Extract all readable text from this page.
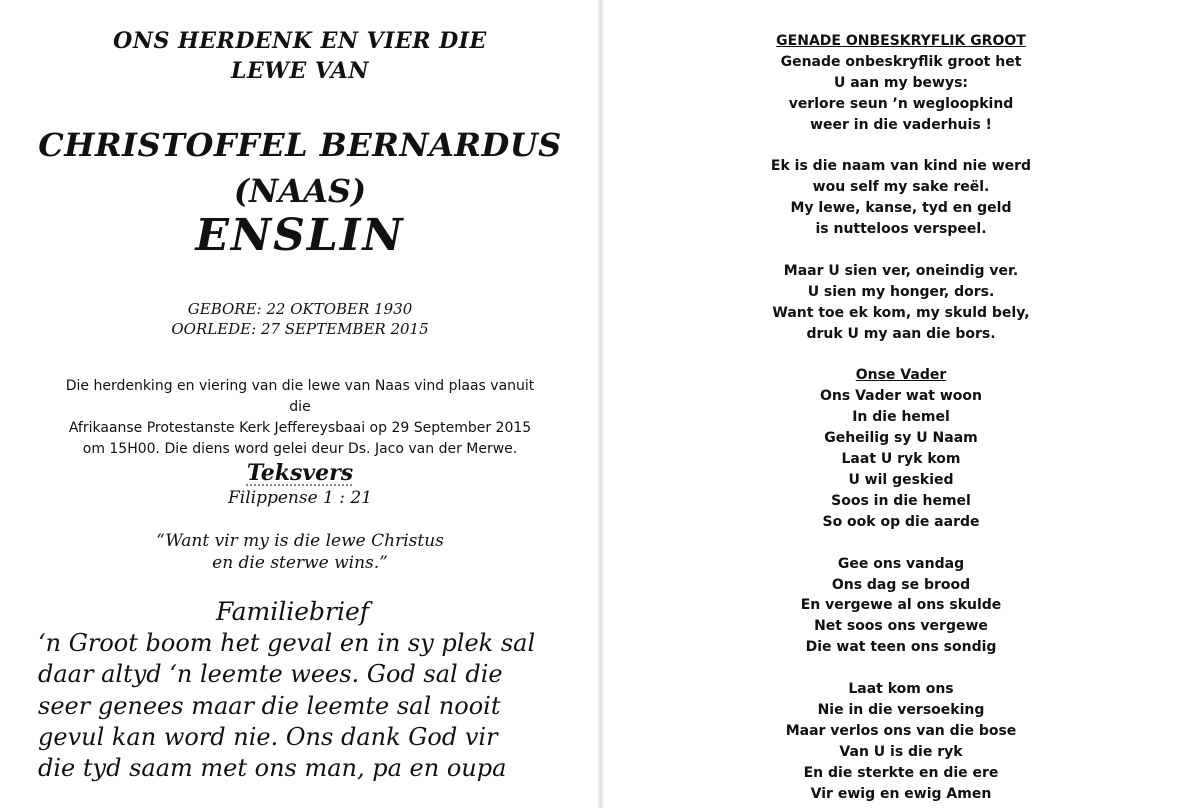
ONS HERDENK EN VIER DIE
LEWE VAN
CHRISTOFFEL BERNARDUS
(NAAS)
ENSLIN
GEBORE: 22 OKTOBER 1930
OORLEDE: 27 SEPTEMBER 2015

Die herdenking en viering van die lewe van Naas vind plaas vanuit die

Afrikaanse Protestanste Kerk Jeffereysbaai op 29 September 2015

om 15H00. Die diens word gelei deur Ds. Jaco van der Merwe.

Teksvers
Filippense 1 : 21
“Want vir my is die lewe Christus
en die sterwe wins.”
Familiebrief
‘n Groot boom het geval en in sy plek sal
daar altyd ‘n leemte wees. God sal die
seer genees maar die leemte sal nooit
gevul kan word nie. Ons dank God vir
die tyd saam met ons man, pa en oupa
GENADE ONBESKRYFLIK GROOT
Genade onbeskryflik groot het
U aan my bewys:
verlore seun ’n wegloopkind
weer in die vaderhuis !
Ek is die naam van kind nie werd
wou self my sake reël.
My lewe, kanse, tyd en geld
is nutteloos verspeel.
Maar U sien ver, oneindig ver.
U sien my honger, dors.
Want toe ek kom, my skuld bely,
druk U my aan die bors.
Onse Vader
Ons Vader wat woon
In die hemel
Geheilig sy U Naam
Laat U ryk kom
U wil geskied
Soos in die hemel
So ook op die aarde
Gee ons vandag
Ons dag se brood
En vergewe al ons skulde
Net soos ons vergewe
Die wat teen ons sondig
Laat kom ons
Nie in die versoeking
Maar verlos ons van die bose
Van U is die ryk
En die sterkte en die ere
Vir ewig en ewig Amen
